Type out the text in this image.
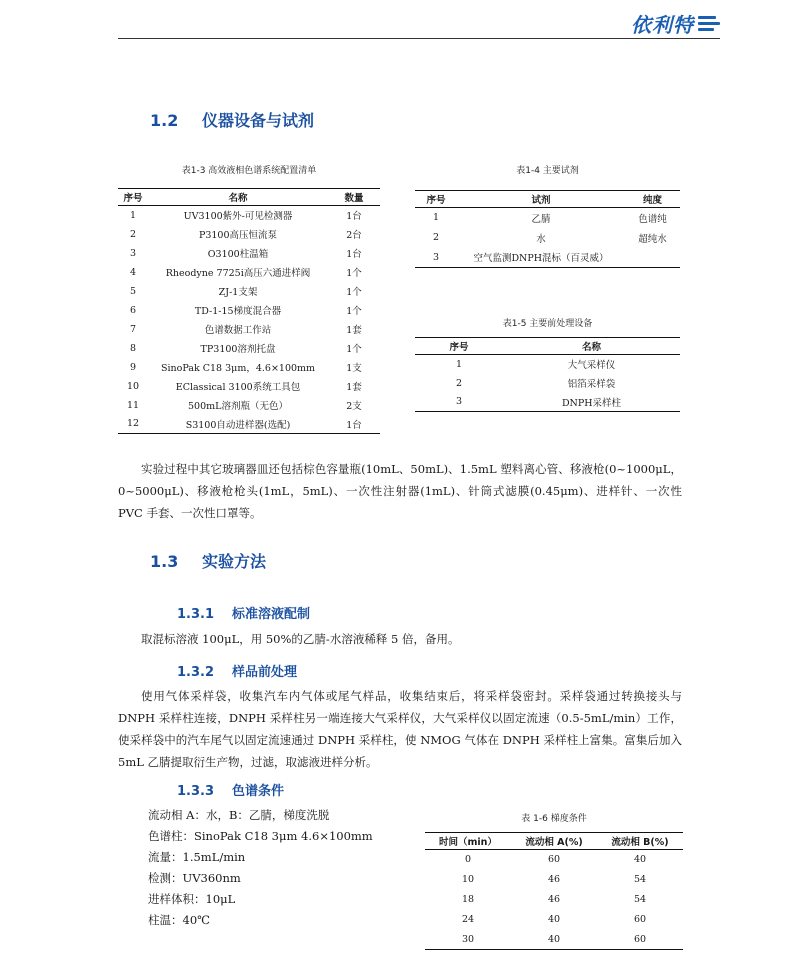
依利特
1.2 仪器设备与试剂
表1-3 高效液相色谱系统配置清单
序号	名称	数量
1	UV3100紫外-可见检测器	1台
2	P3100高压恒流泵	2台
3	O3100柱温箱	1台
4	Rheodyne 7725i高压六通进样阀	1个
5	ZJ-1支架	1个
6	TD-1-15梯度混合器	1个
7	色谱数据工作站	1套
8	TP3100溶剂托盘	1个
9	SinoPak C18 3μm，4.6×100mm	1支
10	EClassical 3100系统工具包	1套
11	500mL溶剂瓶（无色）	2支
12	S3100自动进样器(选配)	1台
表1-4 主要试剂
序号	试剂	纯度
1	乙腈	色谱纯
2	水	超纯水
3	空气监测DNPH混标（百灵威）	
表1-5 主要前处理设备
序号	名称
1	大气采样仪
2	铝箔采样袋
3	DNPH采样柱
实验过程中其它玻璃器皿还包括棕色容量瓶(10mL、50mL)、1.5mL 塑料离心管、移液枪(0~1000μL，0~5000μL)、移液枪枪头(1mL，5mL)、一次性注射器(1mL)、针筒式滤膜(0.45μm)、进样针、一次性 PVC 手套、一次性口罩等。
1.3 实验方法
1.3.1 标准溶液配制
取混标溶液 100μL，用 50%的乙腈-水溶液稀释 5 倍，备用。
1.3.2 样品前处理
使用气体采样袋，收集汽车内气体或尾气样品，收集结束后，将采样袋密封。采样袋通过转换接头与 DNPH 采样柱连接，DNPH 采样柱另一端连接大气采样仪，大气采样仪以固定流速（0.5-5mL/min）工作，使采样袋中的汽车尾气以固定流速通过 DNPH 采样柱，使 NMOG 气体在 DNPH 采样柱上富集。富集后加入 5mL 乙腈提取衍生产物，过滤，取滤液进样分析。
1.3.3 色谱条件
流动相 A：水，B：乙腈，梯度洗脱
色谱柱：SinoPak C18 3μm 4.6×100mm
流量：1.5mL/min
检测：UV360nm
进样体积：10μL
柱温：40℃
表 1-6 梯度条件
时间（min）	流动相 A(%)	流动相 B(%)
0	60	40
10	46	54
18	46	54
24	40	60
30	40	60
